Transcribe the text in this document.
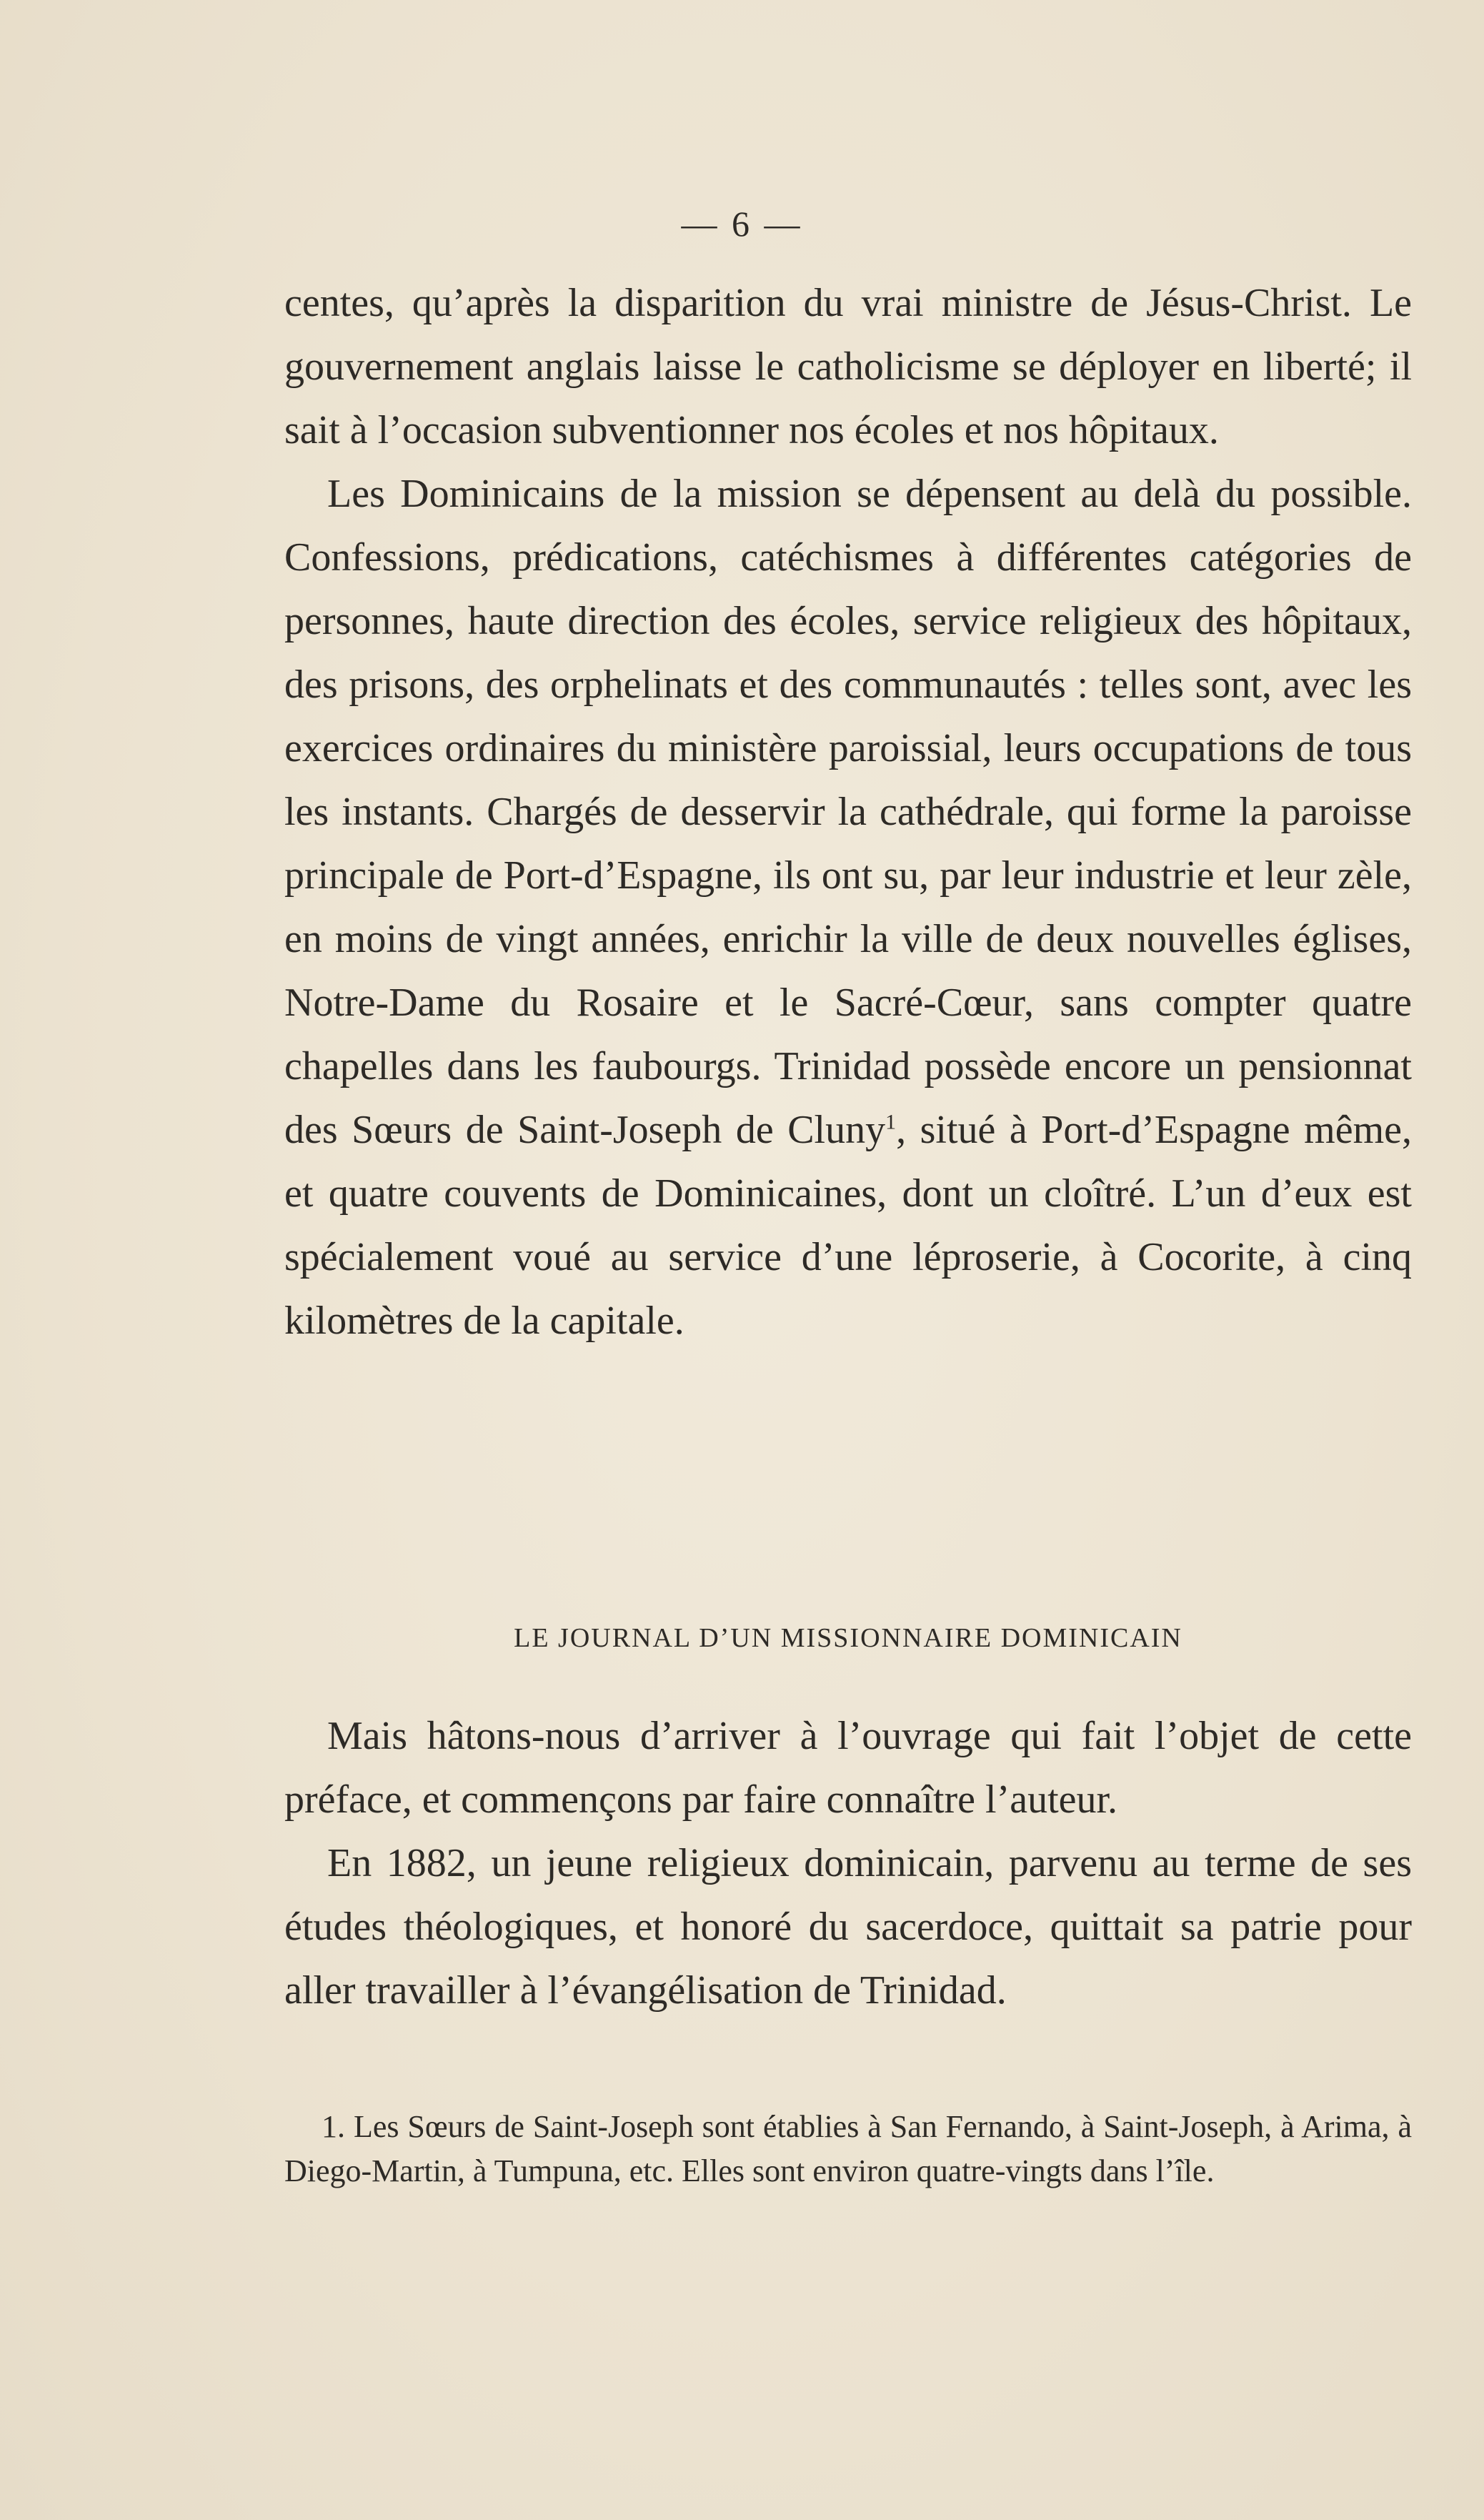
— 6 —

centes, qu’après la disparition du vrai ministre de Jésus-Christ. Le gouvernement anglais laisse le catholicisme se déployer en liberté; il sait à l’occasion subventionner nos écoles et nos hôpitaux.

Les Dominicains de la mission se dépensent au delà du possible. Confessions, prédications, catéchismes à différentes catégories de personnes, haute direction des écoles, service religieux des hôpitaux, des prisons, des orphelinats et des communautés : telles sont, avec les exercices ordinaires du ministère paroissial, leurs occupations de tous les instants. Chargés de desservir la cathédrale, qui forme la paroisse principale de Port-d’Espagne, ils ont su, par leur industrie et leur zèle, en moins de vingt années, enrichir la ville de deux nouvelles églises, Notre-Dame du Rosaire et le Sacré-Cœur, sans compter quatre chapelles dans les faubourgs. Trinidad possède encore un pensionnat des Sœurs de Saint-Joseph de Cluny$^1$, situé à Port-d’Espagne même, et quatre couvents de Dominicaines, dont un cloîtré. L’un d’eux est spécialement voué au service d’une léproserie, à Cocorite, à cinq kilomètres de la capitale.

LE JOURNAL D’UN MISSIONNAIRE DOMINICAIN

Mais hâtons-nous d’arriver à l’ouvrage qui fait l’objet de cette préface, et commençons par faire connaître l’auteur.

En 1882, un jeune religieux dominicain, parvenu au terme de ses études théologiques, et honoré du sacerdoce, quittait sa patrie pour aller travailler à l’évangélisation de Trinidad.

1. Les Sœurs de Saint-Joseph sont établies à San Fernando, à Saint-Joseph, à Arima, à Diego-Martin, à Tumpuna, etc. Elles sont environ quatre-vingts dans l’île.
